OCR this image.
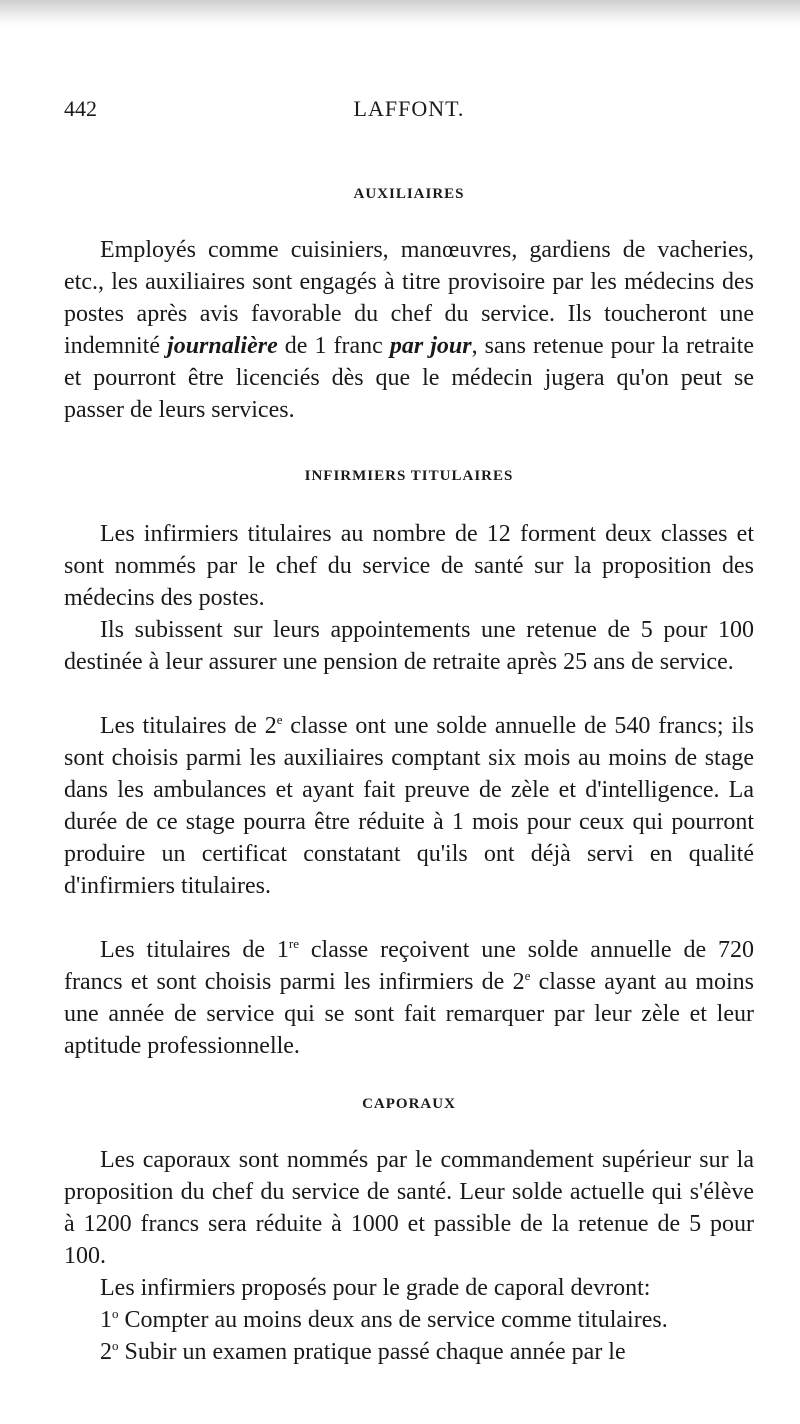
442	LAFFONT.
AUXILIAIRES

Employés comme cuisiniers, manœuvres, gardiens de vacheries, etc., les auxiliaires sont engagés à titre provisoire par les médecins des postes après avis favorable du chef du service. Ils toucheront une indemnité journalière de 1 franc par jour, sans retenue pour la retraite et pourront être licenciés dès que le médecin jugera qu'on peut se passer de leurs services.

INFIRMIERS TITULAIRES

Les infirmiers titulaires au nombre de 12 forment deux classes et sont nommés par le chef du service de santé sur la proposition des médecins des postes.

Ils subissent sur leurs appointements une retenue de 5 pour 100 destinée à leur assurer une pension de retraite après 25 ans de service.

Les titulaires de 2e classe ont une solde annuelle de 540 francs; ils sont choisis parmi les auxiliaires comptant six mois au moins de stage dans les ambulances et ayant fait preuve de zèle et d'intelligence. La durée de ce stage pourra être réduite à 1 mois pour ceux qui pourront produire un certificat constatant qu'ils ont déjà servi en qualité d'infirmiers titulaires.

Les titulaires de 1re classe reçoivent une solde annuelle de 720 francs et sont choisis parmi les infirmiers de 2e classe ayant au moins une année de service qui se sont fait remarquer par leur zèle et leur aptitude professionnelle.

CAPORAUX

Les caporaux sont nommés par le commandement supérieur sur la proposition du chef du service de santé. Leur solde actuelle qui s'élève à 1200 francs sera réduite à 1000 et passible de la retenue de 5 pour 100.

Les infirmiers proposés pour le grade de caporal devront:

1$^o$ Compter au moins deux ans de service comme titulaires.

2$^o$ Subir un examen pratique passé chaque année par le
